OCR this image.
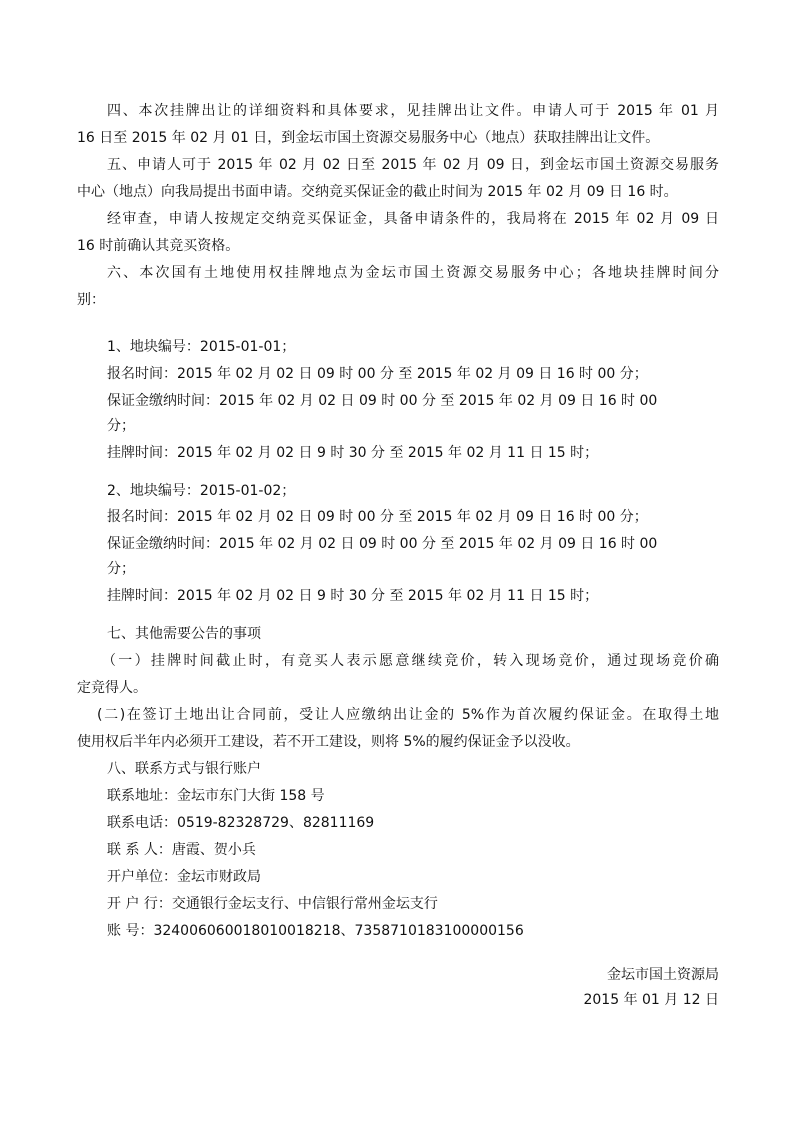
四、本次挂牌出让的详细资料和具体要求，见挂牌出让文件。申请人可于 2015 年 01 月
16 日至 2015 年 02 月 01 日，到金坛市国土资源交易服务中心（地点）获取挂牌出让文件。
五、申请人可于 2015 年 02 月 02 日至 2015 年 02 月 09 日，到金坛市国土资源交易服务
中心（地点）向我局提出书面申请。交纳竞买保证金的截止时间为 2015 年 02 月 09 日 16 时。
经审查，申请人按规定交纳竞买保证金，具备申请条件的，我局将在 2015 年 02 月 09 日
16 时前确认其竞买资格。
六、本次国有土地使用权挂牌地点为金坛市国土资源交易服务中心；各地块挂牌时间分
别：
1、地块编号：2015-01-01；
报名时间：2015 年 02 月 02 日 09 时 00 分 至 2015 年 02 月 09 日 16 时 00 分；
保证金缴纳时间：2015 年 02 月 02 日 09 时 00 分 至 2015 年 02 月 09 日 16 时 00
分；
挂牌时间：2015 年 02 月 02 日 9 时 30 分 至 2015 年 02 月 11 日 15 时；
2、地块编号：2015-01-02；
报名时间：2015 年 02 月 02 日 09 时 00 分 至 2015 年 02 月 09 日 16 时 00 分；
保证金缴纳时间：2015 年 02 月 02 日 09 时 00 分 至 2015 年 02 月 09 日 16 时 00
分；
挂牌时间：2015 年 02 月 02 日 9 时 30 分 至 2015 年 02 月 11 日 15 时；
七、其他需要公告的事项
（一）挂牌时间截止时，有竞买人表示愿意继续竞价，转入现场竞价，通过现场竞价确
定竞得人。
(二)在签订土地出让合同前，受让人应缴纳出让金的 5%作为首次履约保证金。在取得土地
使用权后半年内必须开工建设，若不开工建设，则将 5%的履约保证金予以没收。
八、联系方式与银行账户
联系地址：金坛市东门大街 158 号
联系电话：0519-82328729、82811169
联 系 人：唐霞、贺小兵
开户单位：金坛市财政局
开 户 行：交通银行金坛支行、中信银行常州金坛支行
账 号：32400606001801001821​8、7358710183100000156
金坛市国土资源局
2015 年 01 月 12 日
